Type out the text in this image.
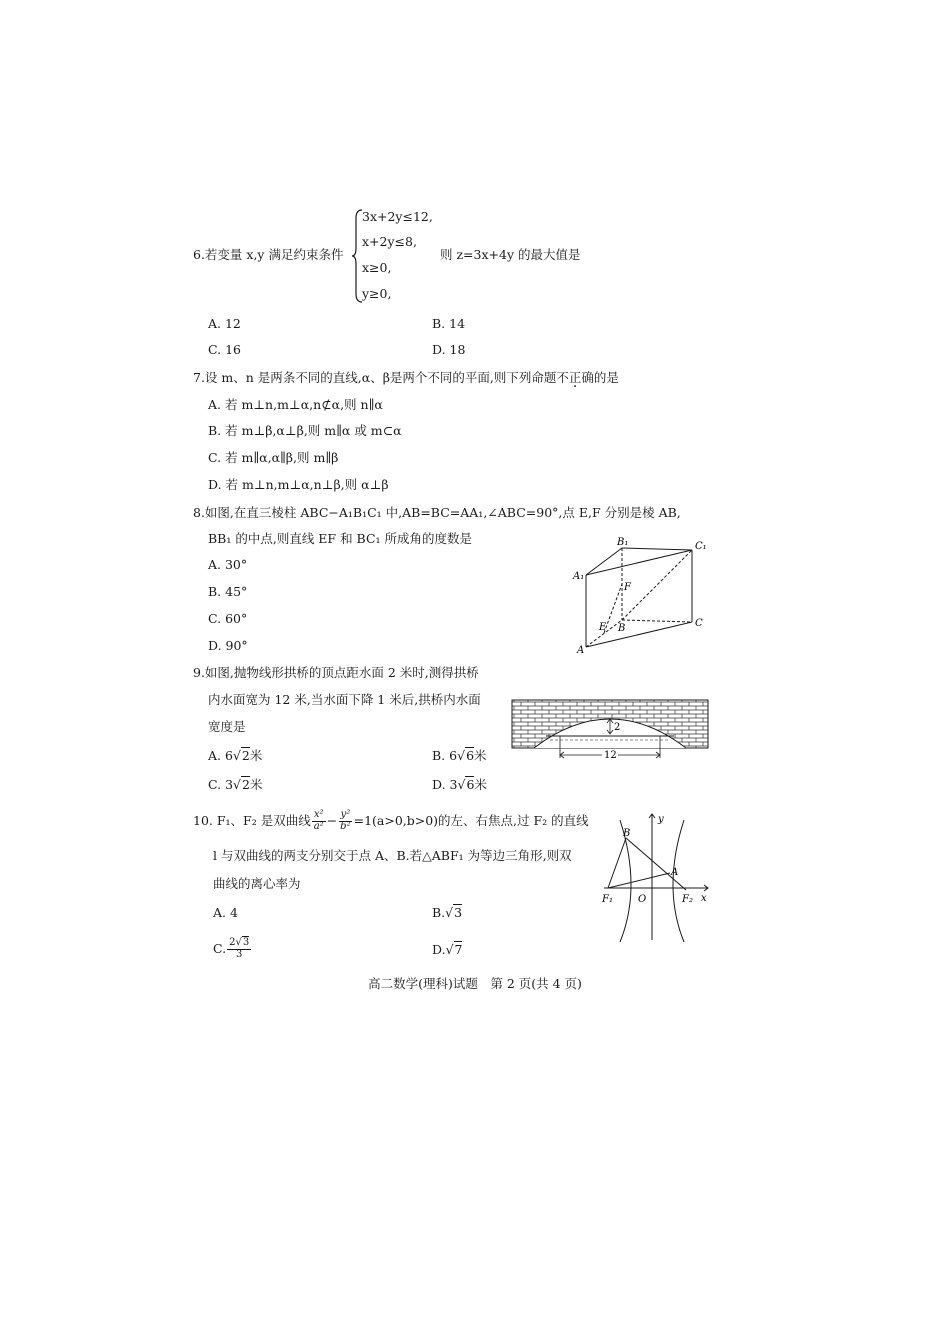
6.若变量 x,y 满足约束条件
3x+2y≤12,
x+2y≤8,
x≥0,
y≥0,
则 z=3x+4y 的最大值是
A. 12	B. 14
C. 16	D. 18
7.设 m、n 是两条不同的直线,α、β是两个不同的平面,则下列命题不正确的是
A. 若 m⊥n,m⊥α,n⊄α,则 n∥α
B. 若 m⊥β,α⊥β,则 m∥α 或 m⊂α
C. 若 m∥α,α∥β,则 m∥β
D. 若 m⊥n,m⊥α,n⊥β,则 α⊥β
8.如图,在直三棱柱 ABC−A₁B₁C₁ 中,AB=BC=AA₁,∠ABC=90°,点 E,F 分别是棱 AB,
BB₁ 的中点,则直线 EF 和 BC₁ 所成角的度数是
A. 30°
B. 45°
C. 60°
D. 90°
B₁	C₁
A₁
F
E B	C
A
9.如图,抛物线形拱桥的顶点距水面 2 米时,测得拱桥
内水面宽为 12 米,当水面下降 1 米后,拱桥内水面
宽度是
A. 6√2米	B. 6√6米
C. 3√2米	D. 3√6米
2
12
10. F₁、F₂ 是双曲线 $\frac{\text{x²}}{\text{a²}} - \frac{\text{y²}}{\text{b²}} =1(a>0,b>0)$的左、右焦点,过 F₂ 的直线
l 与双曲线的两支分别交于点 A、B.若△ABF₁ 为等边三角形,则双
曲线的离心率为
A. 4	B.√3
C. $\frac{2√3}{3}$	D.√7
B
y
A
F₁	O	F₂ x
高二数学(理科)试题　第 2 页(共 4 页)
